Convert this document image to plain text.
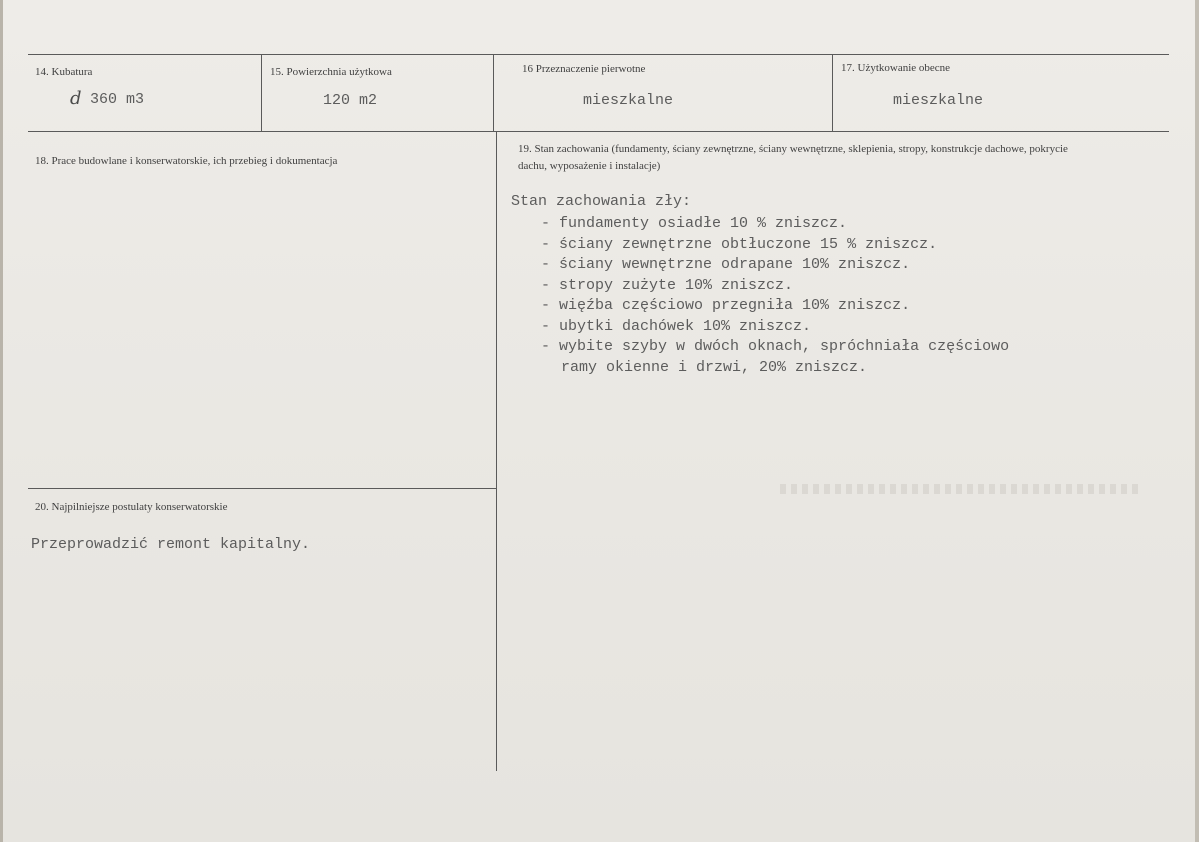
14. Kubatura
d 360 m3
15. Powierzchnia użytkowa
120 m2
16 Przeznaczenie pierwotne
mieszkalne
17. Użytkowanie obecne
mieszkalne
18. Prace budowlane i konserwatorskie, ich przebieg i dokumentacja
19. Stan zachowania (fundamenty, ściany zewnętrzne, ściany wewnętrzne, sklepienia, stropy, konstrukcje dachowe, pokrycie dachu, wyposażenie i instalacje)
Stan zachowania zły:
- fundamenty osiadłe 10 % zniszcz.
- ściany zewnętrzne obtłuczone 15 % zniszcz.
- ściany wewnętrzne odrapane 10% zniszcz.
- stropy zużyte 10% zniszcz.
- więźba częściowo przegniła 10% zniszcz.
- ubytki dachówek 10% zniszcz.
- wybite szyby w dwóch oknach, spróchniała częściowo
ramy okienne i drzwi, 20% zniszcz.
20. Najpilniejsze postulaty konserwatorskie
Przeprowadzić remont kapitalny.
